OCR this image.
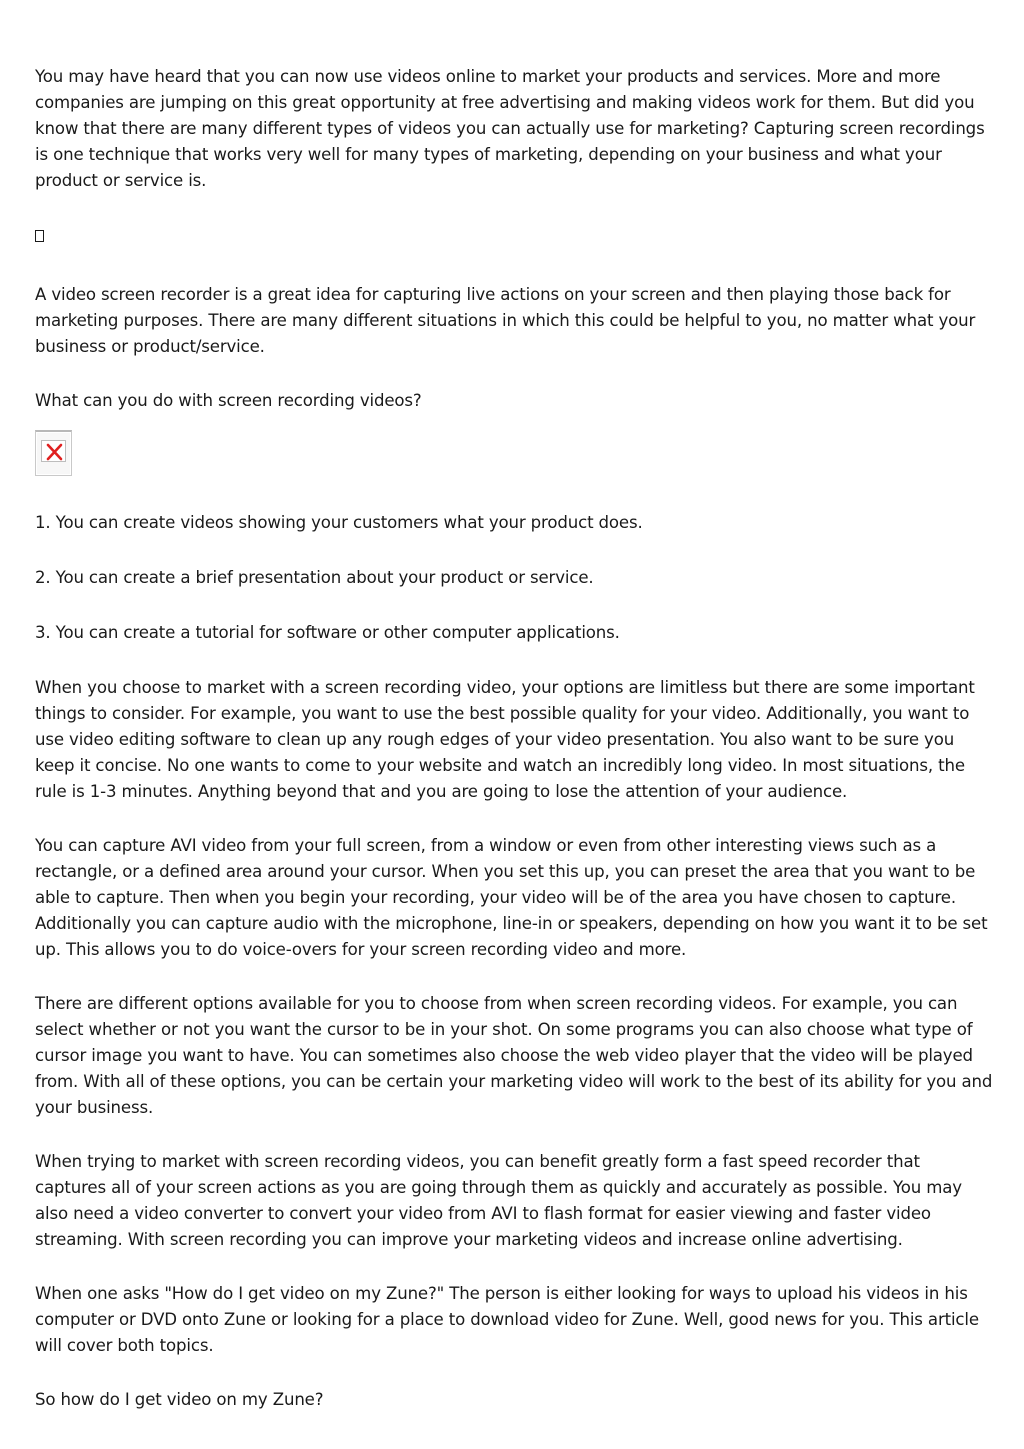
You may have heard that you can now use videos online to market your products and services. More and more companies are jumping on this great opportunity at free advertising and making videos work for them. But did you know that there are many different types of videos you can actually use for marketing? Capturing screen recordings is one technique that works very well for many types of marketing, depending on your business and what your product or service is.

A video screen recorder is a great idea for capturing live actions on your screen and then playing those back for marketing purposes. There are many different situations in which this could be helpful to you, no matter what your business or product/service.

What can you do with screen recording videos?

1. You can create videos showing your customers what your product does.

2. You can create a brief presentation about your product or service.

3. You can create a tutorial for software or other computer applications.

When you choose to market with a screen recording video, your options are limitless but there are some important things to consider. For example, you want to use the best possible quality for your video. Additionally, you want to use video editing software to clean up any rough edges of your video presentation. You also want to be sure you keep it concise. No one wants to come to your website and watch an incredibly long video. In most situations, the rule is 1-3 minutes. Anything beyond that and you are going to lose the attention of your audience.

You can capture AVI video from your full screen, from a window or even from other interesting views such as a rectangle, or a defined area around your cursor. When you set this up, you can preset the area that you want to be able to capture. Then when you begin your recording, your video will be of the area you have chosen to capture. Additionally you can capture audio with the microphone, line-in or speakers, depending on how you want it to be set up. This allows you to do voice-overs for your screen recording video and more.

There are different options available for you to choose from when screen recording videos. For example, you can select whether or not you want the cursor to be in your shot. On some programs you can also choose what type of cursor image you want to have. You can sometimes also choose the web video player that the video will be played from. With all of these options, you can be certain your marketing video will work to the best of its ability for you and your business.

When trying to market with screen recording videos, you can benefit greatly form a fast speed recorder that captures all of your screen actions as you are going through them as quickly and accurately as possible. You may also need a video converter to convert your video from AVI to flash format for easier viewing and faster video streaming. With screen recording you can improve your marketing videos and increase online advertising.

When one asks "How do I get video on my Zune?" The person is either looking for ways to upload his videos in his computer or DVD onto Zune or looking for a place to download video for Zune. Well, good news for you. This article will cover both topics.

So how do I get video on my Zune?
